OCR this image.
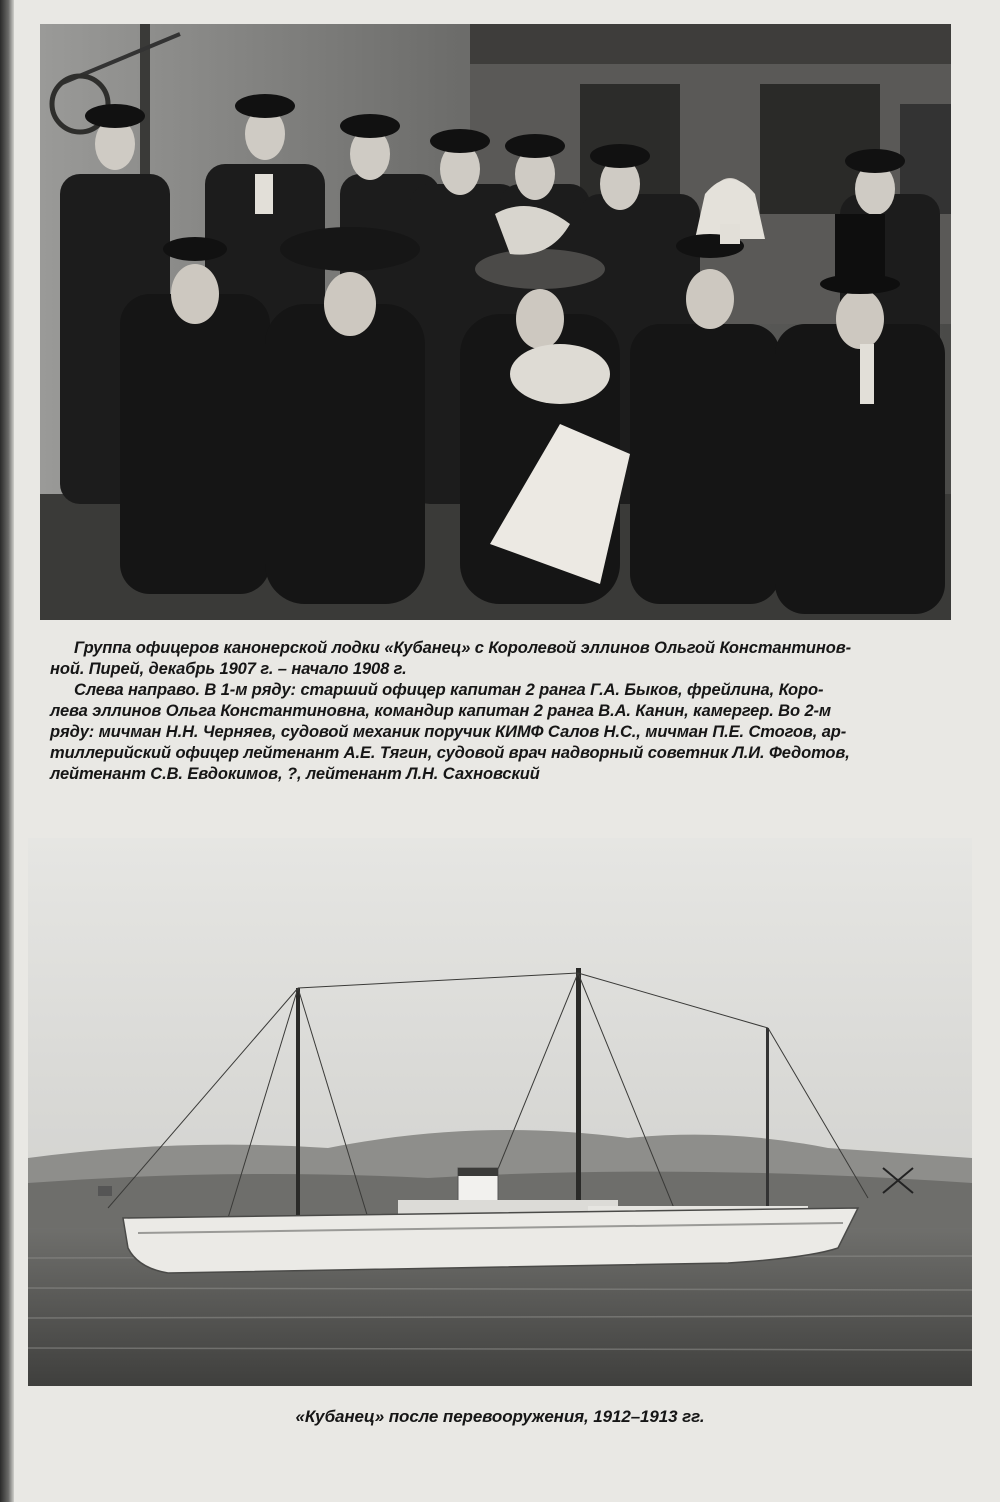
Группа офицеров канонерской лодки «Кубанец» с Королевой эллинов Ольгой Константинов-
ной. Пирей, декабрь 1907 г. – начало 1908 г.
Слева направо. В 1-м ряду: старший офицер капитан 2 ранга Г.А. Быков, фрейлина, Коро-
лева эллинов Ольга Константиновна, командир капитан 2 ранга В.А. Канин, камергер. Во 2-м
ряду: мичман Н.Н. Черняев, судовой механик поручик КИМФ Салов Н.С., мичман П.Е. Стогов, ар-
тиллерийский офицер лейтенант А.Е. Тягин, судовой врач надворный советник Л.И. Федотов,
лейтенант С.В. Евдокимов, ?, лейтенант Л.Н. Сахновский
«Кубанец» после перевооружения, 1912–1913 гг.
